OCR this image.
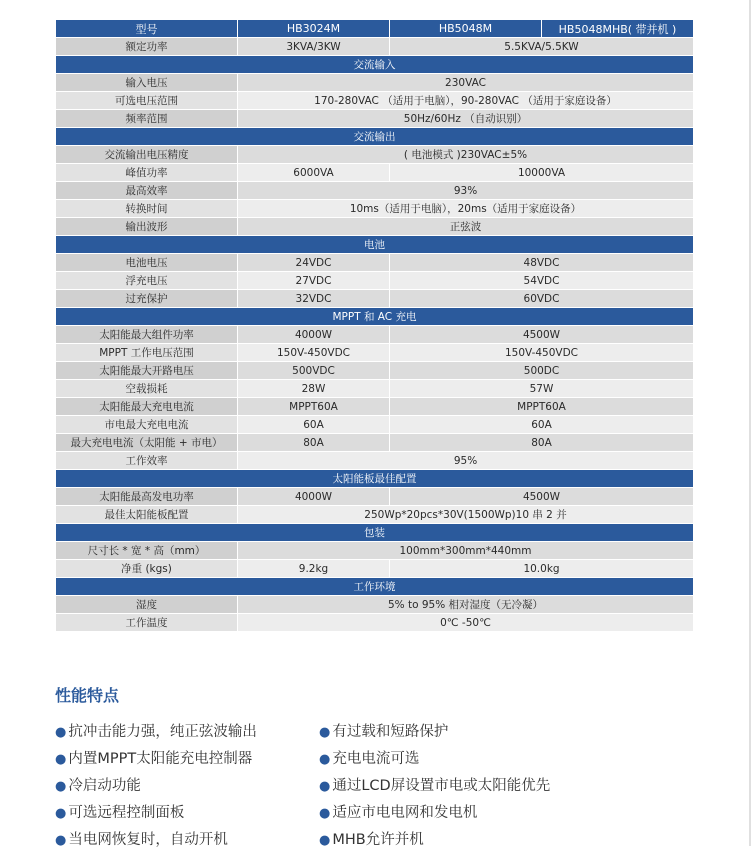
型号	HB3024M	HB5048M	HB5048MHB( 带并机 )
额定功率	3KVA/3KW	5.5KVA/5.5KW	
交流输入			
输入电压	230VAC		
可选电压范围	170-280VAC （适用于电脑），90-280VAC （适用于家庭设备）		
频率范围	50Hz/60Hz （自动识别）		
交流输出			
交流输出电压精度	( 电池模式 )230VAC±5%		
峰值功率	6000VA	10000VA	
最高效率	93%		
转换时间	10ms（适用于电脑），20ms（适用于家庭设备）		
输出波形	正弦波		
电池			
电池电压	24VDC	48VDC	
浮充电压	27VDC	54VDC	
过充保护	32VDC	60VDC	
MPPT 和 AC 充电			
太阳能最大组件功率	4000W	4500W	
MPPT 工作电压范围	150V-450VDC	150V-450VDC	
太阳能最大开路电压	500VDC	500DC	
空载损耗	28W	57W	
太阳能最大充电电流	MPPT60A	MPPT60A	
市电最大充电电流	60A	60A	
最大充电电流（太阳能 + 市电）	80A	80A	
工作效率	95%		
太阳能板最佳配置			
太阳能最高发电功率	4000W	4500W	
最佳太阳能板配置	250Wp*20pcs*30V(1500Wp)10 串 2 并		
包装			
尺寸长 * 宽 * 高（mm）	100mm*300mm*440mm		
净重 (kgs)	9.2kg	10.0kg	
工作环境			
湿度	5% to 95% 相对湿度（无冷凝）		
工作温度	0℃ -50℃		
性能特点
● 抗冲击能力强，纯正弦波输出	● 有过载和短路保护
● 内置MPPT太阳能充电控制器	● 充电电流可选
● 冷启动功能	● 通过LCD屏设置市电或太阳能优先
● 可选远程控制面板	● 适应市电电网和发电机
● 当电网恢复时，自动开机	● MHB允许并机
